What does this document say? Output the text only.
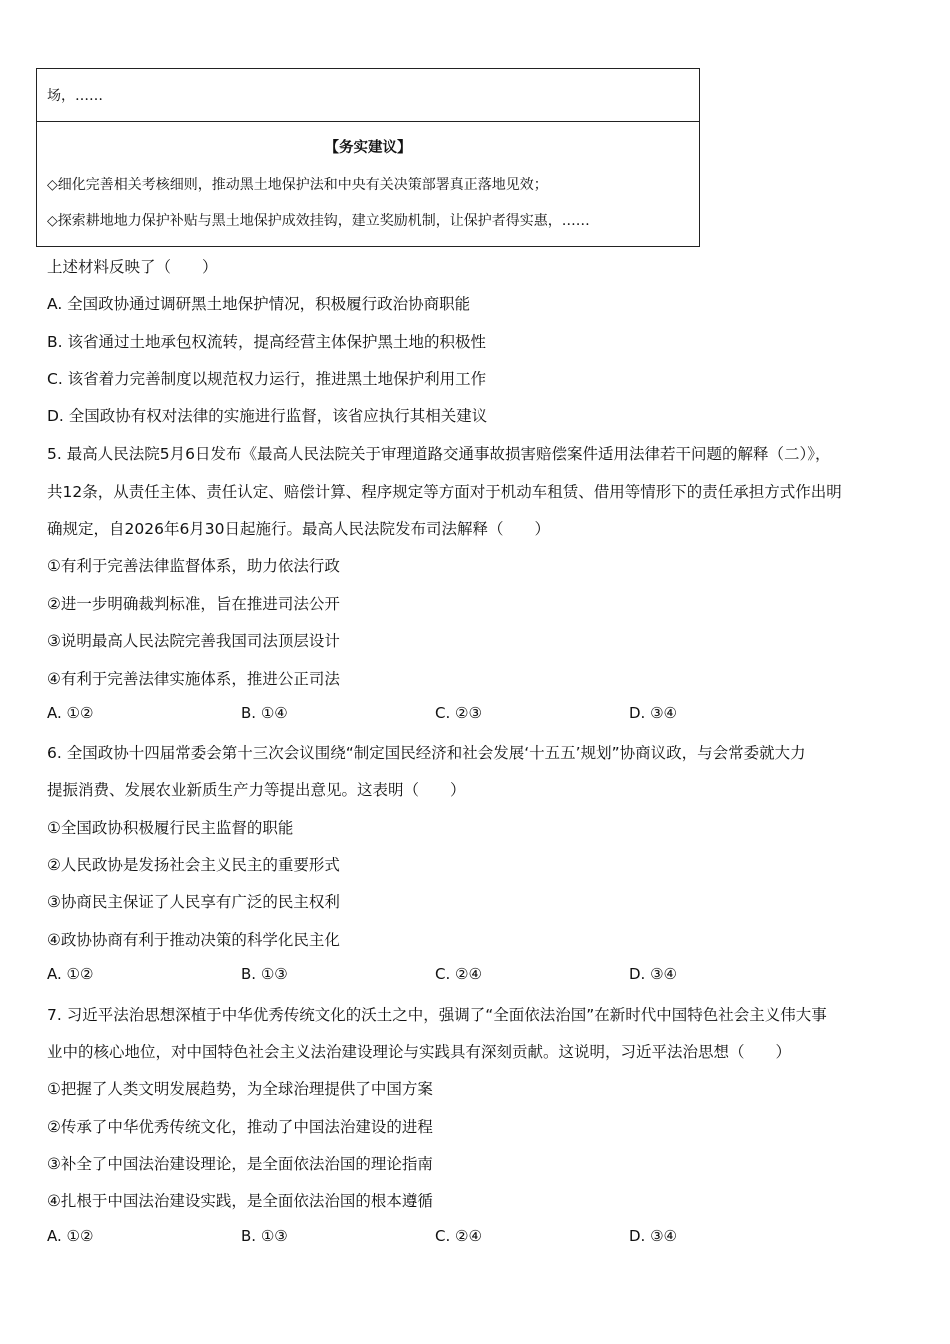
场，……
【务实建议】
◇细化完善相关考核细则，推动黑土地保护法和中央有关决策部署真正落地见效；
◇探索耕地地力保护补贴与黑土地保护成效挂钩，建立奖励机制，让保护者得实惠，……
上述材料反映了（　　）
A. 全国政协通过调研黑土地保护情况，积极履行政治协商职能
B. 该省通过土地承包权流转，提高经营主体保护黑土地的积极性
C. 该省着力完善制度以规范权力运行，推进黑土地保护利用工作
D. 全国政协有权对法律的实施进行监督，该省应执行其相关建议
5. 最高人民法院5月6日发布《最高人民法院关于审理道路交通事故损害赔偿案件适用法律若干问题的解释（二）》，
共12条，从责任主体、责任认定、赔偿计算、程序规定等方面对于机动车租赁、借用等情形下的责任承担方式作出明
确规定，自2026年6月30日起施行。最高人民法院发布司法解释（　　）
①有利于完善法律监督体系，助力依法行政
②进一步明确裁判标准，旨在推进司法公开
③说明最高人民法院完善我国司法顶层设计
④有利于完善法律实施体系，推进公正司法
A. ①②	B. ①④	C. ②③	D. ③④
6. 全国政协十四届常委会第十三次会议围绕“制定国民经济和社会发展‘十五五’规划”协商议政，与会常委就大力
提振消费、发展农业新质生产力等提出意见。这表明（　　）
①全国政协积极履行民主监督的职能
②人民政协是发扬社会主义民主的重要形式
③协商民主保证了人民享有广泛的民主权利
④政协协商有利于推动决策的科学化民主化
A. ①②	B. ①③	C. ②④	D. ③④
7. 习近平法治思想深植于中华优秀传统文化的沃土之中，强调了“全面依法治国”在新时代中国特色社会主义伟大事
业中的核心地位，对中国特色社会主义法治建设理论与实践具有深刻贡献。这说明，习近平法治思想（　　）
①把握了人类文明发展趋势，为全球治理提供了中国方案
②传承了中华优秀传统文化，推动了中国法治建设的进程
③补全了中国法治建设理论，是全面依法治国的理论指南
④扎根于中国法治建设实践，是全面依法治国的根本遵循
A. ①②	B. ①③	C. ②④	D. ③④
